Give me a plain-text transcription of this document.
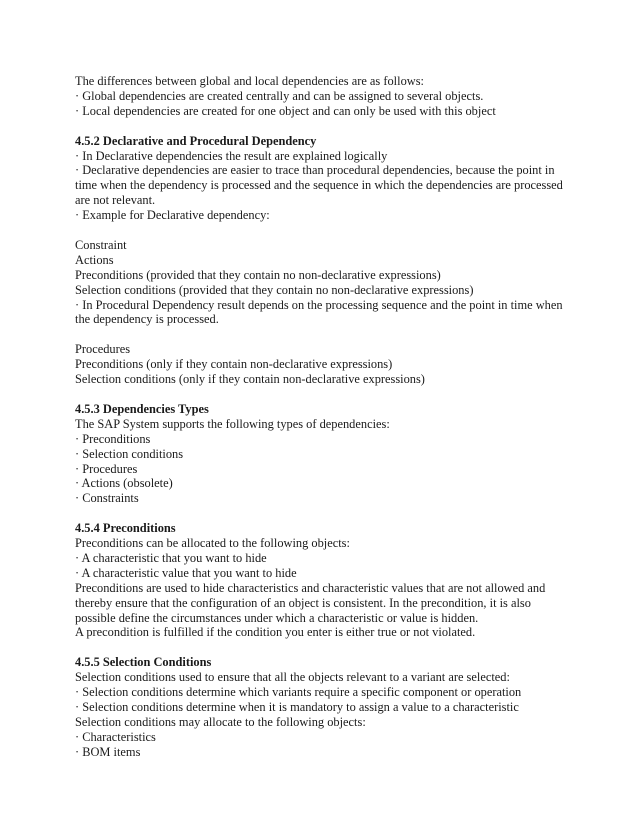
The differences between global and local dependencies are as follows:
· Global dependencies are created centrally and can be assigned to several objects.
· Local dependencies are created for one object and can only be used with this object
4.5.2 Declarative and Procedural Dependency
· In Declarative dependencies the result are explained logically
· Declarative dependencies are easier to trace than procedural dependencies, because the point in time when the dependency is processed and the sequence in which the dependencies are processed are not relevant.
· Example for Declarative dependency:
Constraint
Actions
Preconditions (provided that they contain no non-declarative expressions)
Selection conditions (provided that they contain no non-declarative expressions)
· In Procedural Dependency result depends on the processing sequence and the point in time when the dependency is processed.
Procedures
Preconditions (only if they contain non-declarative expressions)
Selection conditions (only if they contain non-declarative expressions)
4.5.3 Dependencies Types
The SAP System supports the following types of dependencies:
· Preconditions
· Selection conditions
· Procedures
· Actions (obsolete)
· Constraints
4.5.4 Preconditions
Preconditions can be allocated to the following objects:
· A characteristic that you want to hide
· A characteristic value that you want to hide
Preconditions are used to hide characteristics and characteristic values that are not allowed and thereby ensure that the configuration of an object is consistent. In the precondition, it is also possible define the circumstances under which a characteristic or value is hidden.
A precondition is fulfilled if the condition you enter is either true or not violated.
4.5.5 Selection Conditions
Selection conditions used to ensure that all the objects relevant to a variant are selected:
· Selection conditions determine which variants require a specific component or operation
· Selection conditions determine when it is mandatory to assign a value to a characteristic
Selection conditions may allocate to the following objects:
· Characteristics
· BOM items
